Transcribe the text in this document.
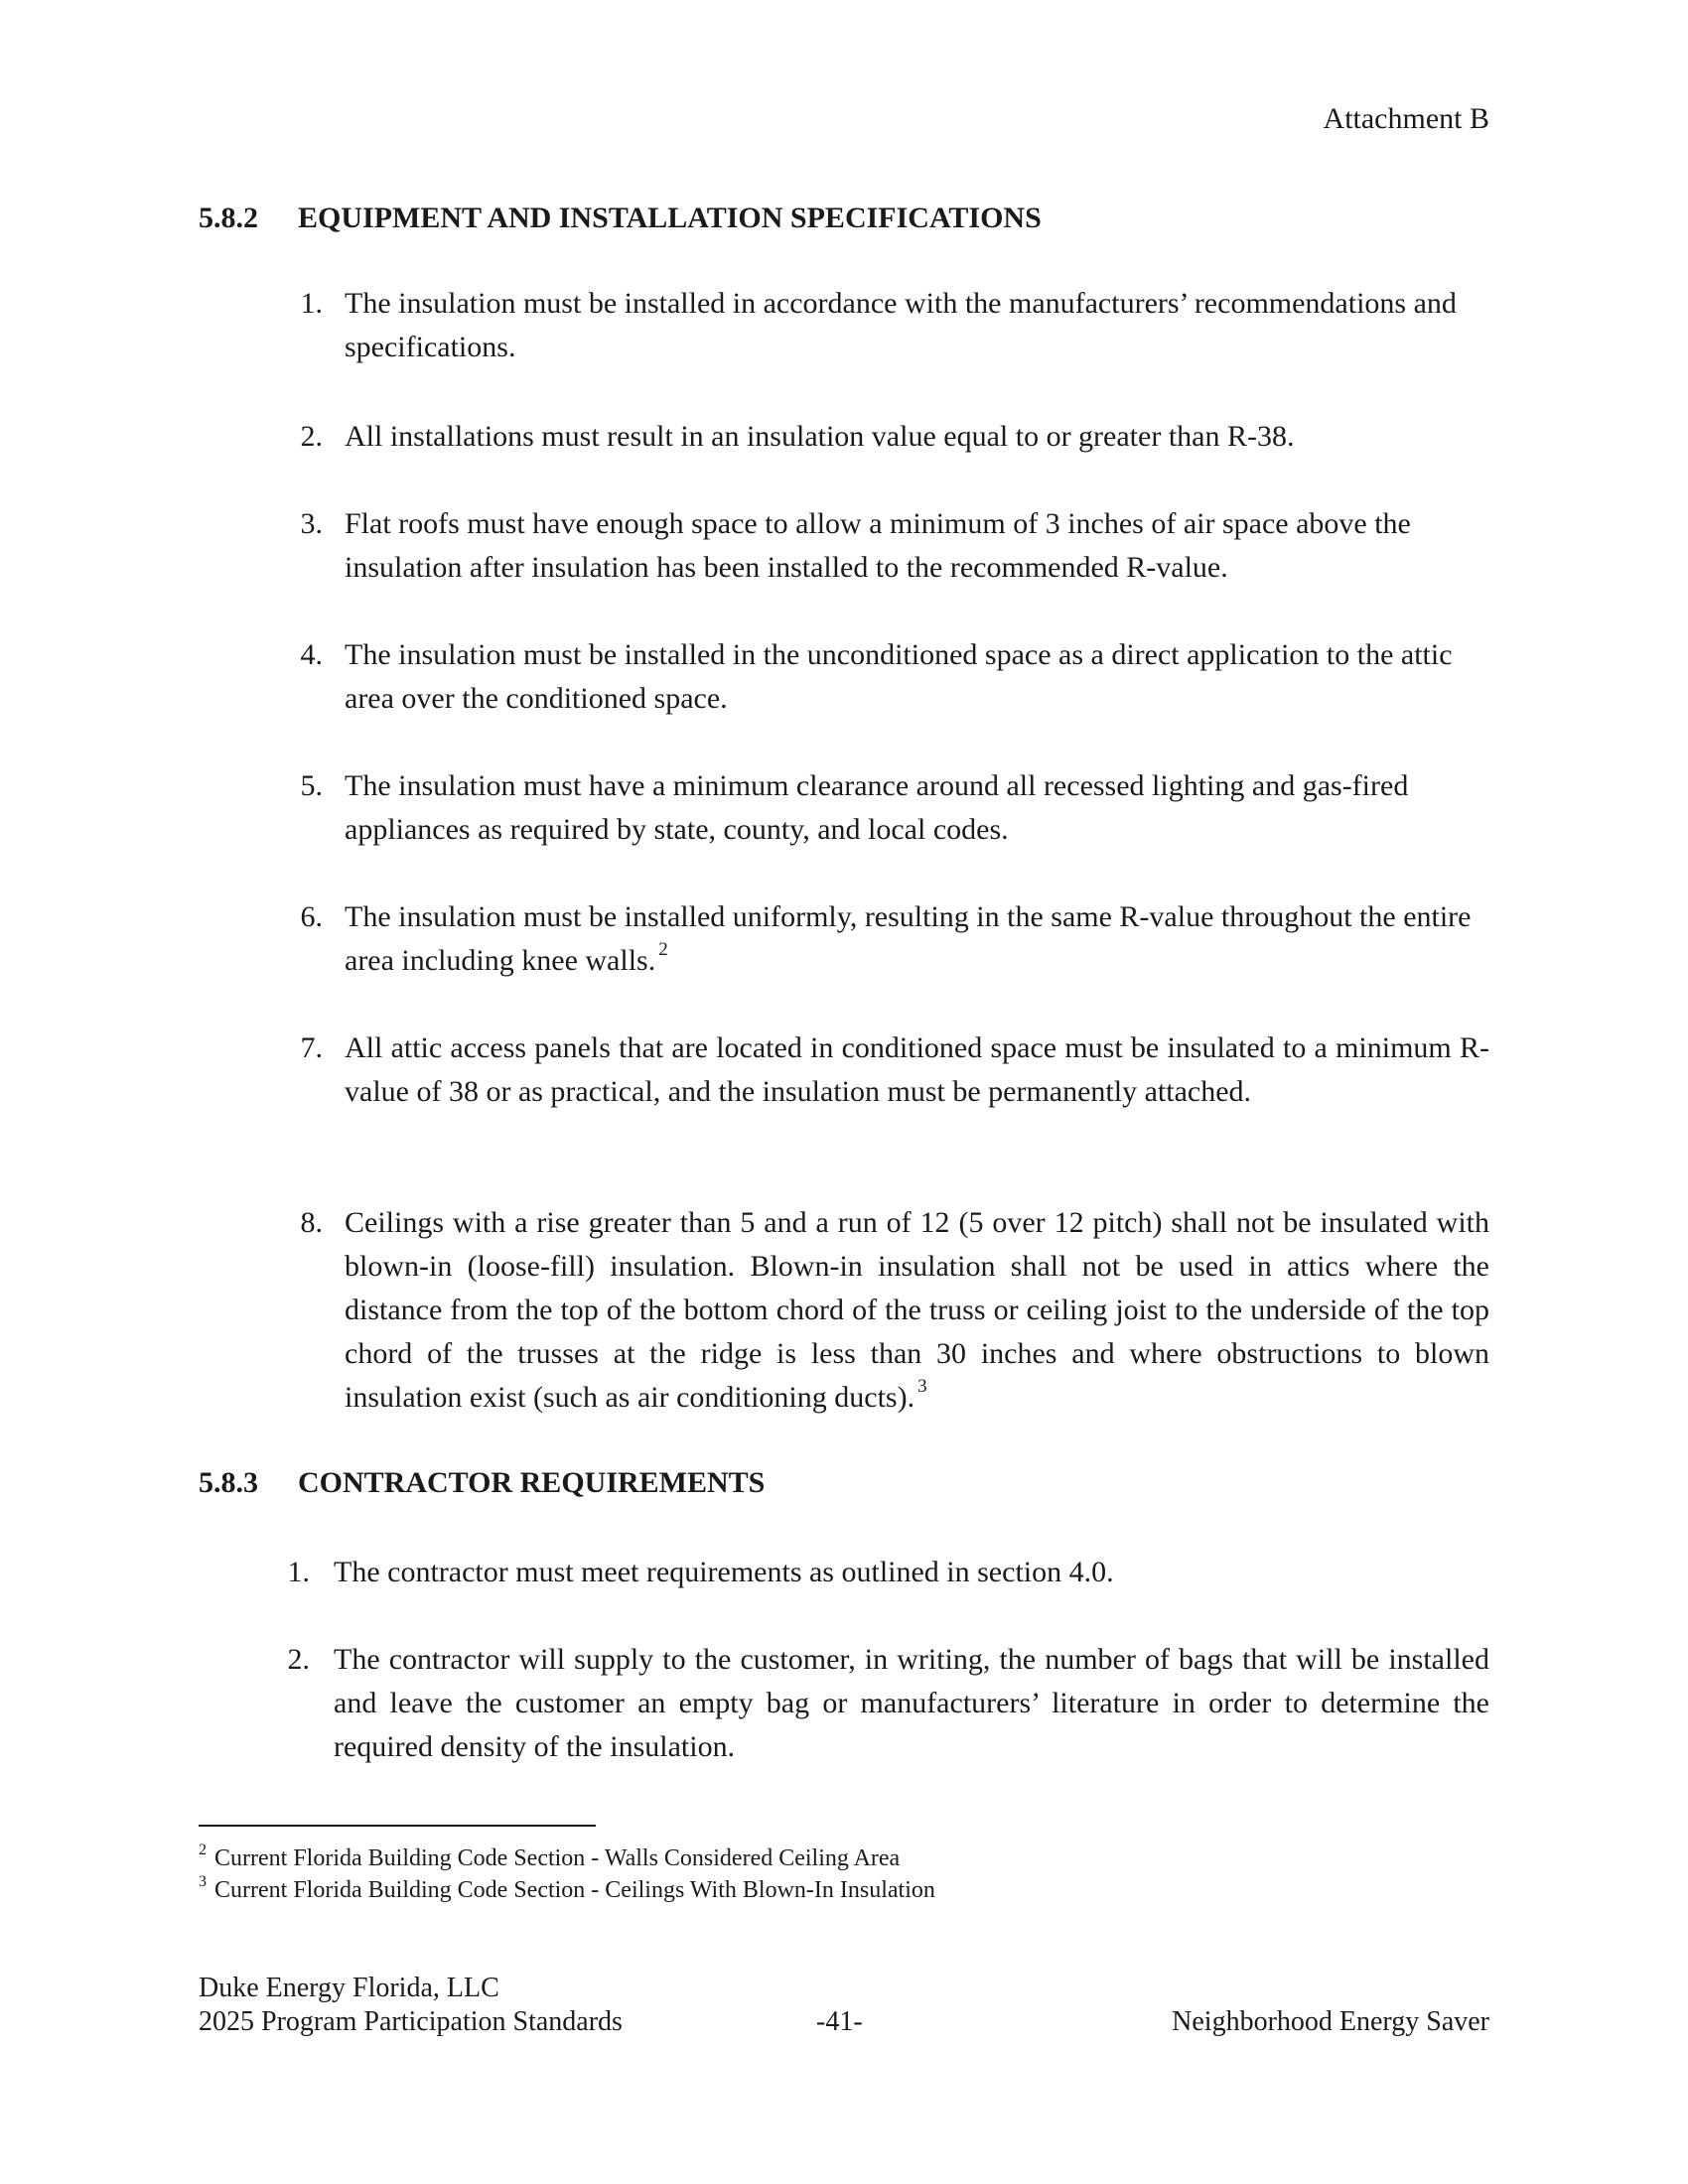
Attachment B
5.8.2 EQUIPMENT AND INSTALLATION SPECIFICATIONS
1. The insulation must be installed in accordance with the manufacturers’ recommendations and specifications.
2. All installations must result in an insulation value equal to or greater than R-38.
3. Flat roofs must have enough space to allow a minimum of 3 inches of air space above the insulation after insulation has been installed to the recommended R-value.
4. The insulation must be installed in the unconditioned space as a direct application to the attic area over the conditioned space.
5. The insulation must have a minimum clearance around all recessed lighting and gas-fired appliances as required by state, county, and local codes.
6. The insulation must be installed uniformly, resulting in the same R-value throughout the entire area including knee walls. $^2$
7. All attic access panels that are located in conditioned space must be insulated to a minimum R-value of 38 or as practical, and the insulation must be permanently attached.
8. Ceilings with a rise greater than 5 and a run of 12 (5 over 12 pitch) shall not be insulated with blown-in (loose-fill) insulation. Blown-in insulation shall not be used in attics where the distance from the top of the bottom chord of the truss or ceiling joist to the underside of the top chord of the trusses at the ridge is less than 30 inches and where obstructions to blown insulation exist (such as air conditioning ducts). $^3$
5.8.3 CONTRACTOR REQUIREMENTS
1. The contractor must meet requirements as outlined in section 4.0.
2. The contractor will supply to the customer, in writing, the number of bags that will be installed and leave the customer an empty bag or manufacturers’ literature in order to determine the required density of the insulation.
$^2$ Current Florida Building Code Section - Walls Considered Ceiling Area
$^3$ Current Florida Building Code Section - Ceilings With Blown-In Insulation
Duke Energy Florida, LLC
2025 Program Participation Standards	-41-	Neighborhood Energy Saver
